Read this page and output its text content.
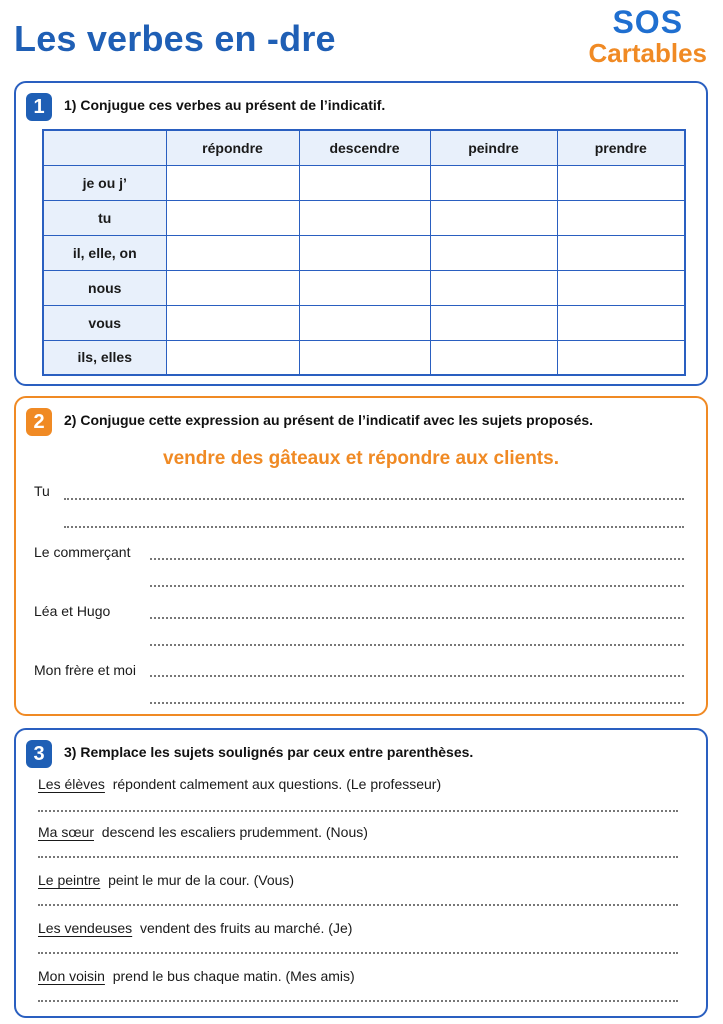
Les verbes en -dre	SOS
Cartables
1	1) Conjugue ces verbes au présent de l’indicatif.
	répondre	descendre	peindre	prendre
je ou j’				
tu				
il, elle, on				
nous				
vous				
ils, elles				
2	2) Conjugue cette expression au présent de l’indicatif avec les sujets proposés.
vendre des gâteaux et répondre aux clients.
Tu
Le commerçant
Léa et Hugo
Mon frère et moi
3	3) Remplace les sujets soulignés par ceux entre parenthèses.
Les élèves répondent calmement aux questions. (Le professeur)
Ma sœur descend les escaliers prudemment. (Nous)
Le peintre peint le mur de la cour. (Vous)
Les vendeuses vendent des fruits au marché. (Je)
Mon voisin prend le bus chaque matin. (Mes amis)
